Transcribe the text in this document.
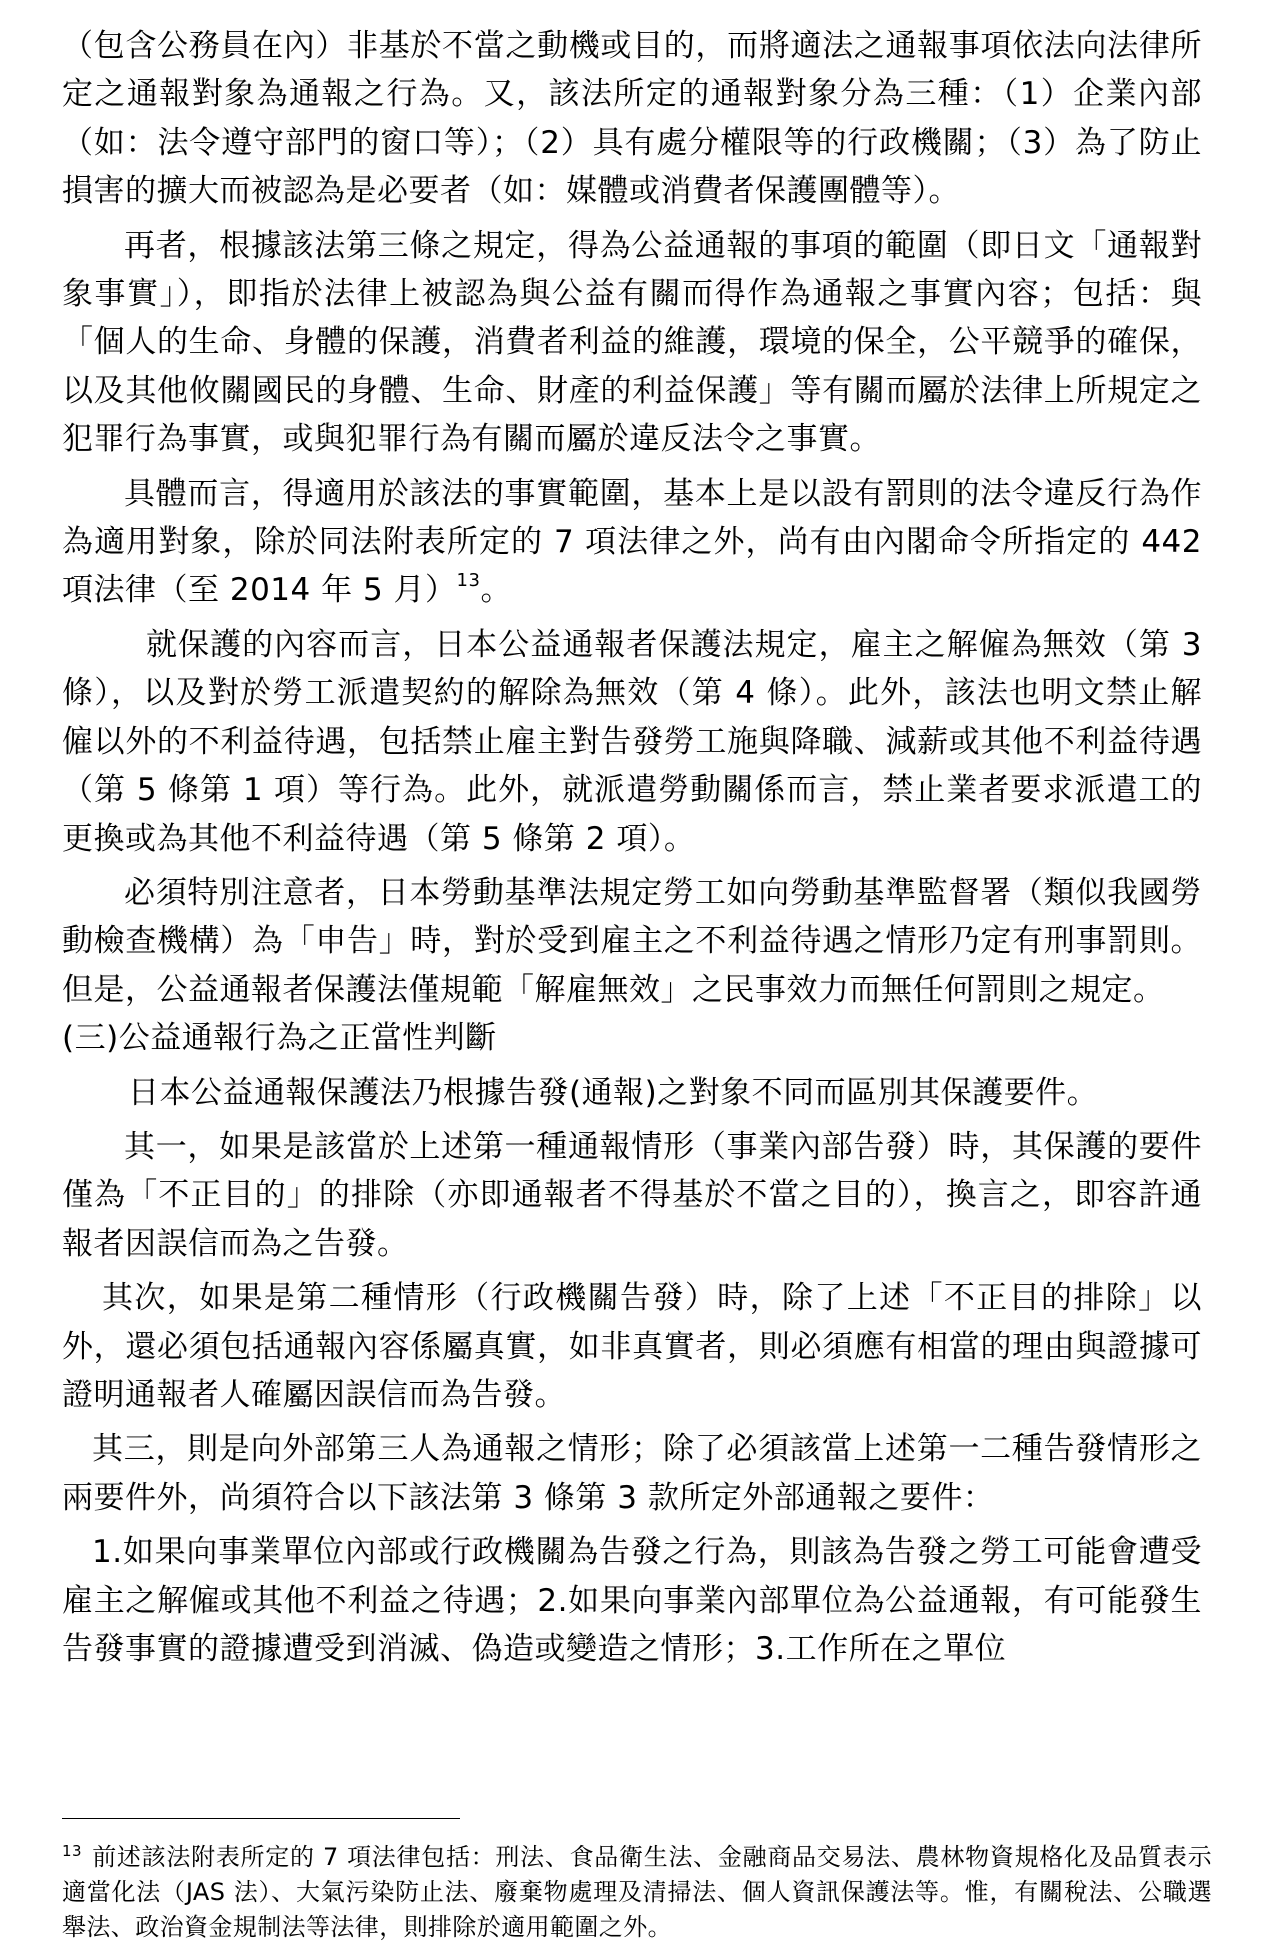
（包含公務員在內）非基於不當之動機或目的，而將適法之通報事項依法向法律所定之通報對象為通報之行為。又，該法所定的通報對象分為三種：（1）企業內部（如：法令遵守部門的窗口等）；（2）具有處分權限等的行政機關；（3）為了防止損害的擴大而被認為是必要者（如：媒體或消費者保護團體等）。

再者，根據該法第三條之規定，得為公益通報的事項的範圍（即日文「通報對象事實」），即指於法律上被認為與公益有關而得作為通報之事實內容；包括：與「個人的生命、身體的保護，消費者利益的維護，環境的保全，公平競爭的確保，以及其他攸關國民的身體、生命、財產的利益保護」等有關而屬於法律上所規定之犯罪行為事實，或與犯罪行為有關而屬於違反法令之事實。

具體而言，得適用於該法的事實範圍，基本上是以設有罰則的法令違反行為作為適用對象，除於同法附表所定的 7 項法律之外，尚有由內閣命令所指定的 442 項法律（至 2014 年 5 月）$^{13}$。

就保護的內容而言，日本公益通報者保護法規定，雇主之解僱為無效（第 3 條），以及對於勞工派遣契約的解除為無效（第 4 條）。此外，該法也明文禁止解僱以外的不利益待遇，包括禁止雇主對告發勞工施與降職、減薪或其他不利益待遇（第 5 條第 1 項）等行為。此外，就派遣勞動關係而言，禁止業者要求派遣工的更換或為其他不利益待遇（第 5 條第 2 項）。

必須特別注意者，日本勞動基準法規定勞工如向勞動基準監督署（類似我國勞動檢查機構）為「申告」時，對於受到雇主之不利益待遇之情形乃定有刑事罰則。但是，公益通報者保護法僅規範「解雇無效」之民事效力而無任何罰則之規定。

(三)公益通報行為之正當性判斷

日本公益通報保護法乃根據告發(通報)之對象不同而區別其保護要件。

其一，如果是該當於上述第一種通報情形（事業內部告發）時，其保護的要件僅為「不正目的」的排除（亦即通報者不得基於不當之目的），換言之，即容許通報者因誤信而為之告發。

其次，如果是第二種情形（行政機關告發）時，除了上述「不正目的排除」以外，還必須包括通報內容係屬真實，如非真實者，則必須應有相當的理由與證據可證明通報者人確屬因誤信而為告發。

其三，則是向外部第三人為通報之情形；除了必須該當上述第一二種告發情形之兩要件外，尚須符合以下該法第 3 條第 3 款所定外部通報之要件：

1.如果向事業單位內部或行政機關為告發之行為，則該為告發之勞工可能會遭受雇主之解僱或其他不利益之待遇；2.如果向事業內部單位為公益通報，有可能發生告發事實的證據遭受到消滅、偽造或變造之情形；3.工作所在之單位

$^{13}$ 前述該法附表所定的 7 項法律包括：刑法、食品衛生法、金融商品交易法、農林物資規格化及品質表示適當化法（JAS 法）、大氣污染防止法、廢棄物處理及清掃法、個人資訊保護法等。惟，有關稅法、公職選舉法、政治資金規制法等法律，則排除於適用範圍之外。
